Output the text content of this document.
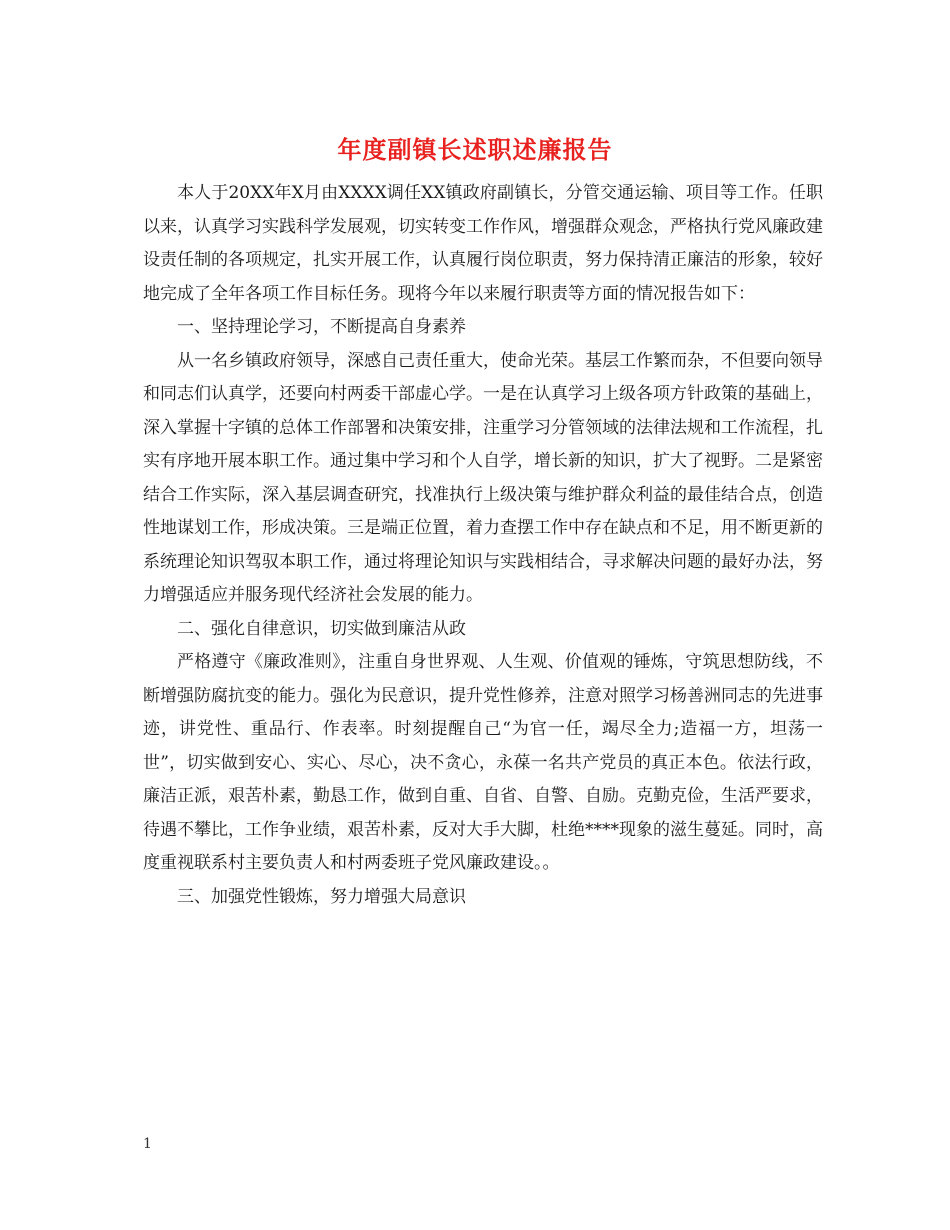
年度副镇长述职述廉报告

本人于20XX年X月由XXXX调任XX镇政府副镇长，分管交通运输、项目等工作。任职以来，认真学习实践科学发展观，切实转变工作作风，增强群众观念，严格执行党风廉政建设责任制的各项规定，扎实开展工作，认真履行岗位职责，努力保持清正廉洁的形象，较好地完成了全年各项工作目标任务。现将今年以来履行职责等方面的情况报告如下：

一、坚持理论学习，不断提高自身素养

从一名乡镇政府领导，深感自己责任重大，使命光荣。基层工作繁而杂，不但要向领导和同志们认真学，还要向村两委干部虚心学。一是在认真学习上级各项方针政策的基础上，深入掌握十字镇的总体工作部署和决策安排，注重学习分管领域的法律法规和工作流程，扎实有序地开展本职工作。通过集中学习和个人自学，增长新的知识，扩大了视野。二是紧密结合工作实际，深入基层调查研究，找准执行上级决策与维护群众利益的最佳结合点，创造性地谋划工作，形成决策。三是端正位置，着力查摆工作中存在缺点和不足，用不断更新的系统理论知识驾驭本职工作，通过将理论知识与实践相结合，寻求解决问题的最好办法，努力增强适应并服务现代经济社会发展的能力。

二、强化自律意识，切实做到廉洁从政

严格遵守《廉政准则》，注重自身世界观、人生观、价值观的锤炼，守筑思想防线，不断增强防腐抗变的能力。强化为民意识，提升党性修养，注意对照学习杨善洲同志的先进事迹，讲党性、重品行、作表率。时刻提醒自己“为官一任，竭尽全力;造福一方，坦荡一世”，切实做到安心、实心、尽心，决不贪心，永葆一名共产党员的真正本色。依法行政，廉洁正派，艰苦朴素，勤恳工作，做到自重、自省、自警、自励。克勤克俭，生活严要求，待遇不攀比，工作争业绩，艰苦朴素，反对大手大脚，杜绝****现象的滋生蔓延。同时，高度重视联系村主要负责人和村两委班子党风廉政建设。。

三、加强党性锻炼，努力增强大局意识

1
